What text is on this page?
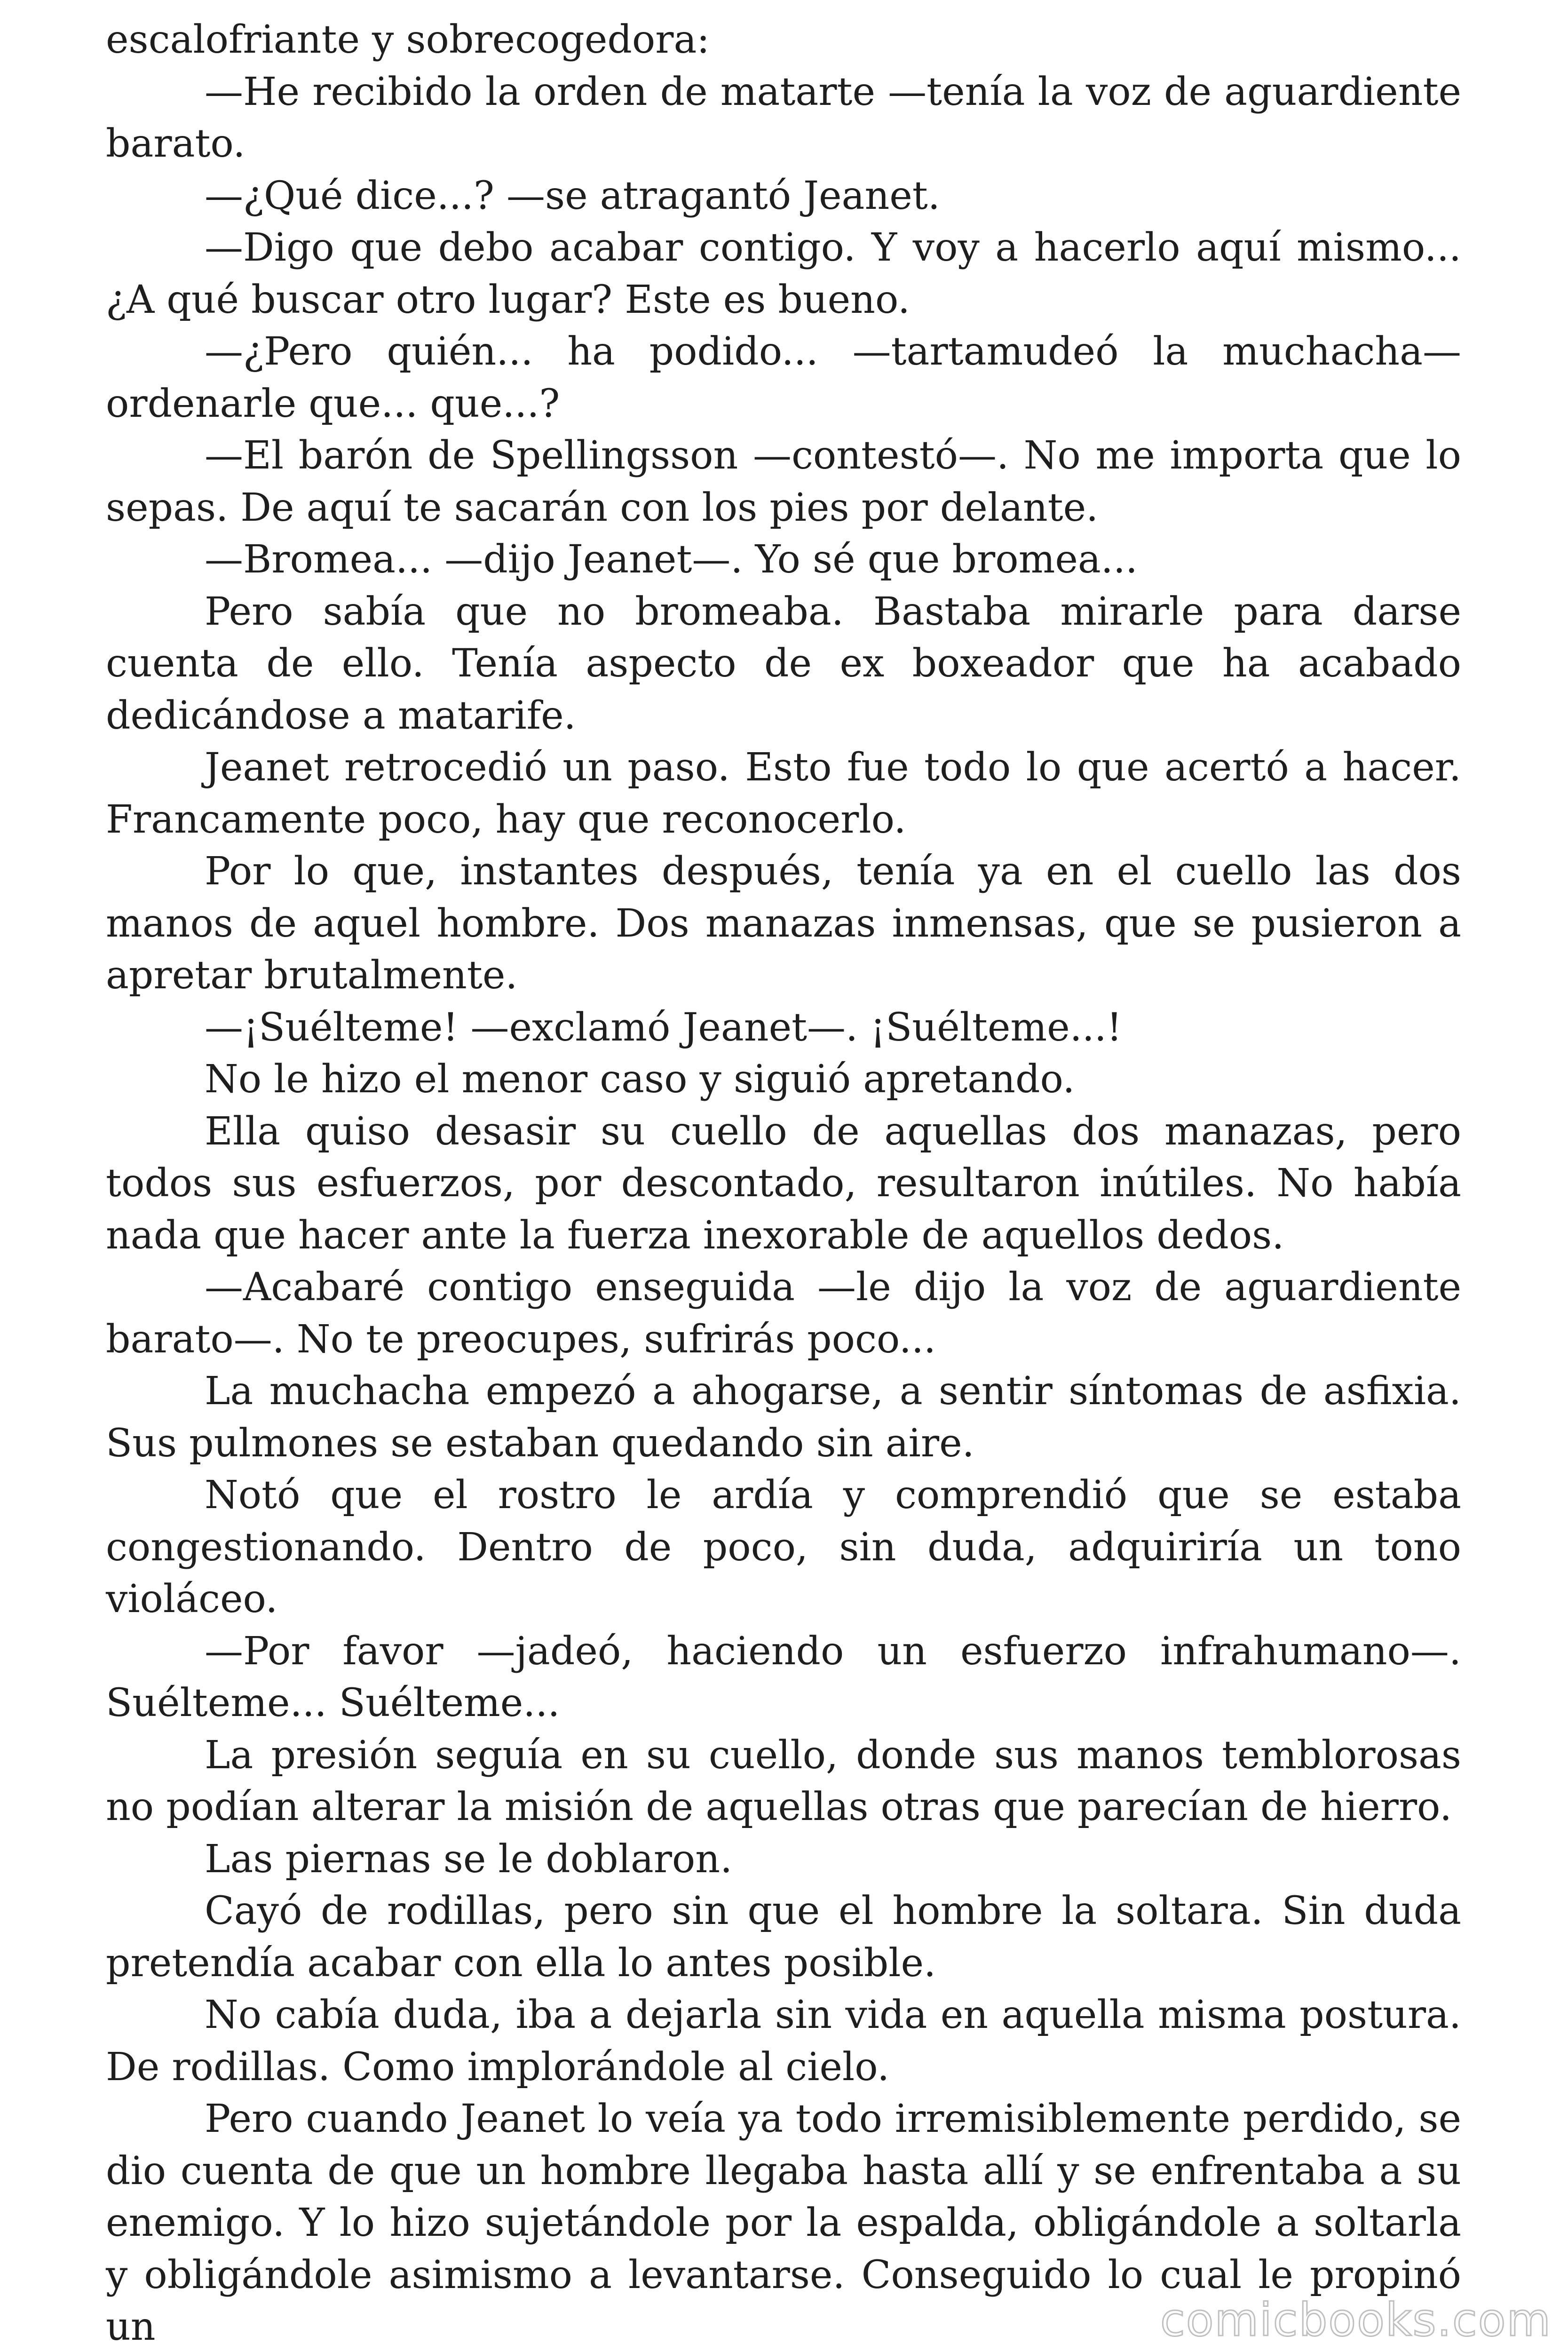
escalofriante y sobrecogedora:

—He recibido la orden de matarte —tenía la voz de aguardiente barato.

—¿Qué dice...? —se atragantó Jeanet.

—Digo que debo acabar contigo. Y voy a hacerlo aquí mismo... ¿A qué buscar otro lugar? Este es bueno.

—¿Pero quién... ha podido... —tartamudeó la muchacha— ordenarle que... que...?

—El barón de Spellingsson —contestó—. No me importa que lo sepas. De aquí te sacarán con los pies por delante.

—Bromea... —dijo Jeanet—. Yo sé que bromea...

Pero sabía que no bromeaba. Bastaba mirarle para darse cuenta de ello. Tenía aspecto de ex boxeador que ha acabado dedicándose a matarife.

Jeanet retrocedió un paso. Esto fue todo lo que acertó a hacer. Francamente poco, hay que reconocerlo.

Por lo que, instantes después, tenía ya en el cuello las dos manos de aquel hombre. Dos manazas inmensas, que se pusieron a apretar brutalmente.

—¡Suélteme! —exclamó Jeanet—. ¡Suélteme...!

No le hizo el menor caso y siguió apretando.

Ella quiso desasir su cuello de aquellas dos manazas, pero todos sus esfuerzos, por descontado, resultaron inútiles. No había nada que hacer ante la fuerza inexorable de aquellos dedos.

—Acabaré contigo enseguida —le dijo la voz de aguardiente barato—. No te preocupes, sufrirás poco...

La muchacha empezó a ahogarse, a sentir síntomas de asfixia. Sus pulmones se estaban quedando sin aire.

Notó que el rostro le ardía y comprendió que se estaba congestionando. Dentro de poco, sin duda, adquiriría un tono violáceo.

—Por favor —jadeó, haciendo un esfuerzo infrahumano—. Suélteme... Suélteme...

La presión seguía en su cuello, donde sus manos temblorosas no podían alterar la misión de aquellas otras que parecían de hierro.

Las piernas se le doblaron.

Cayó de rodillas, pero sin que el hombre la soltara. Sin duda pretendía acabar con ella lo antes posible.

No cabía duda, iba a dejarla sin vida en aquella misma postura. De rodillas. Como implorándole al cielo.

Pero cuando Jeanet lo veía ya todo irremisiblemente perdido, se dio cuenta de que un hombre llegaba hasta allí y se enfrentaba a su enemigo. Y lo hizo sujetándole por la espalda, obligándole a soltarla y obligándole asimismo a levantarse. Conseguido lo cual le propinó un	comicbooks.com
